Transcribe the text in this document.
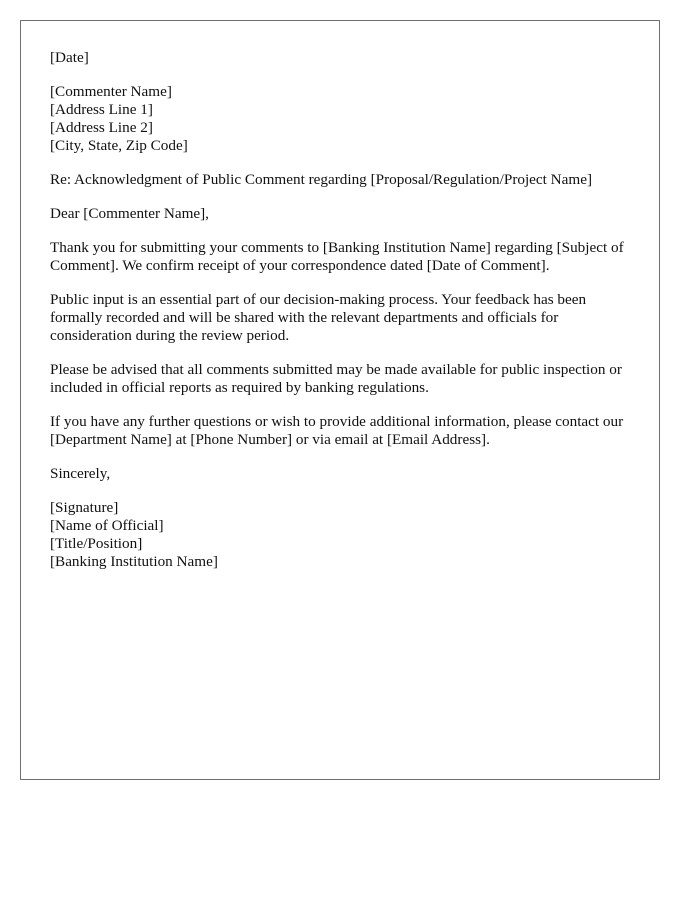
[Date]
[Commenter Name]
[Address Line 1]
[Address Line 2]
[City, State, Zip Code]
Re: Acknowledgment of Public Comment regarding [Proposal/Regulation/Project Name]
Dear [Commenter Name],

Thank you for submitting your comments to [Banking Institution Name] regarding [Subject of Comment]. We confirm receipt of your correspondence dated [Date of Comment].

Public input is an essential part of our decision-making process. Your feedback has been formally recorded and will be shared with the relevant departments and officials for consideration during the review period.

Please be advised that all comments submitted may be made available for public inspection or included in official reports as required by banking regulations.

If you have any further questions or wish to provide additional information, please contact our [Department Name] at [Phone Number] or via email at [Email Address].

Sincerely,
[Signature]
[Name of Official]
[Title/Position]
[Banking Institution Name]
